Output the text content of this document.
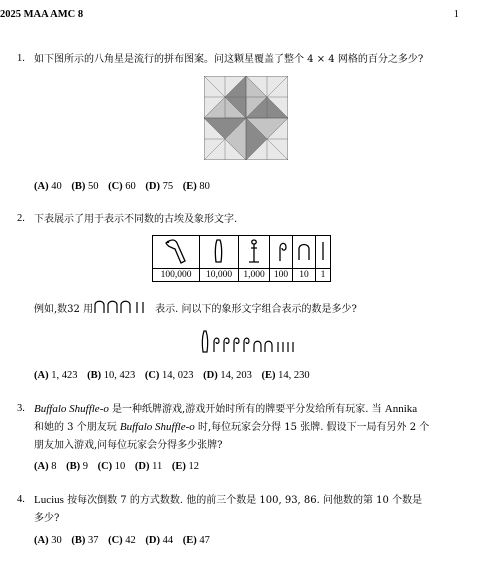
2025 MAA AMC 8	1
1. 如下图所示的八角星是流行的拼布图案。问这颗星覆盖了整个 4 × 4 网格的百分之多少?
(A) 40 (B) 50 (C) 60 (D) 75 (E) 80
2. 下表展示了用于表示不同数的古埃及象形文字.

100,000	10,000	1,000	100	10	1
例如,数32 用	表示. 问以下的象形文字组合表示的数是多少?
(A) 1, 423 (B) 10, 423 (C) 14, 023 (D) 14, 203 (E) 14, 230
3. Buffalo Shuffle-o 是一种纸牌游戏,游戏开始时所有的牌要平分发给所有玩家. 当 Annika
和她的 3 个朋友玩 Buffalo Shuffle-o 时,每位玩家会分得 15 张牌. 假设下一局有另外 2 个
朋友加入游戏,问每位玩家会分得多少张牌?
(A) 8 (B) 9 (C) 10 (D) 11 (E) 12
4. Lucius 按每次倒数 7 的方式数数. 他的前三个数是 100, 93, 86. 问他数的第 10 个数是
多少?
(A) 30 (B) 37 (C) 42 (D) 44 (E) 47
